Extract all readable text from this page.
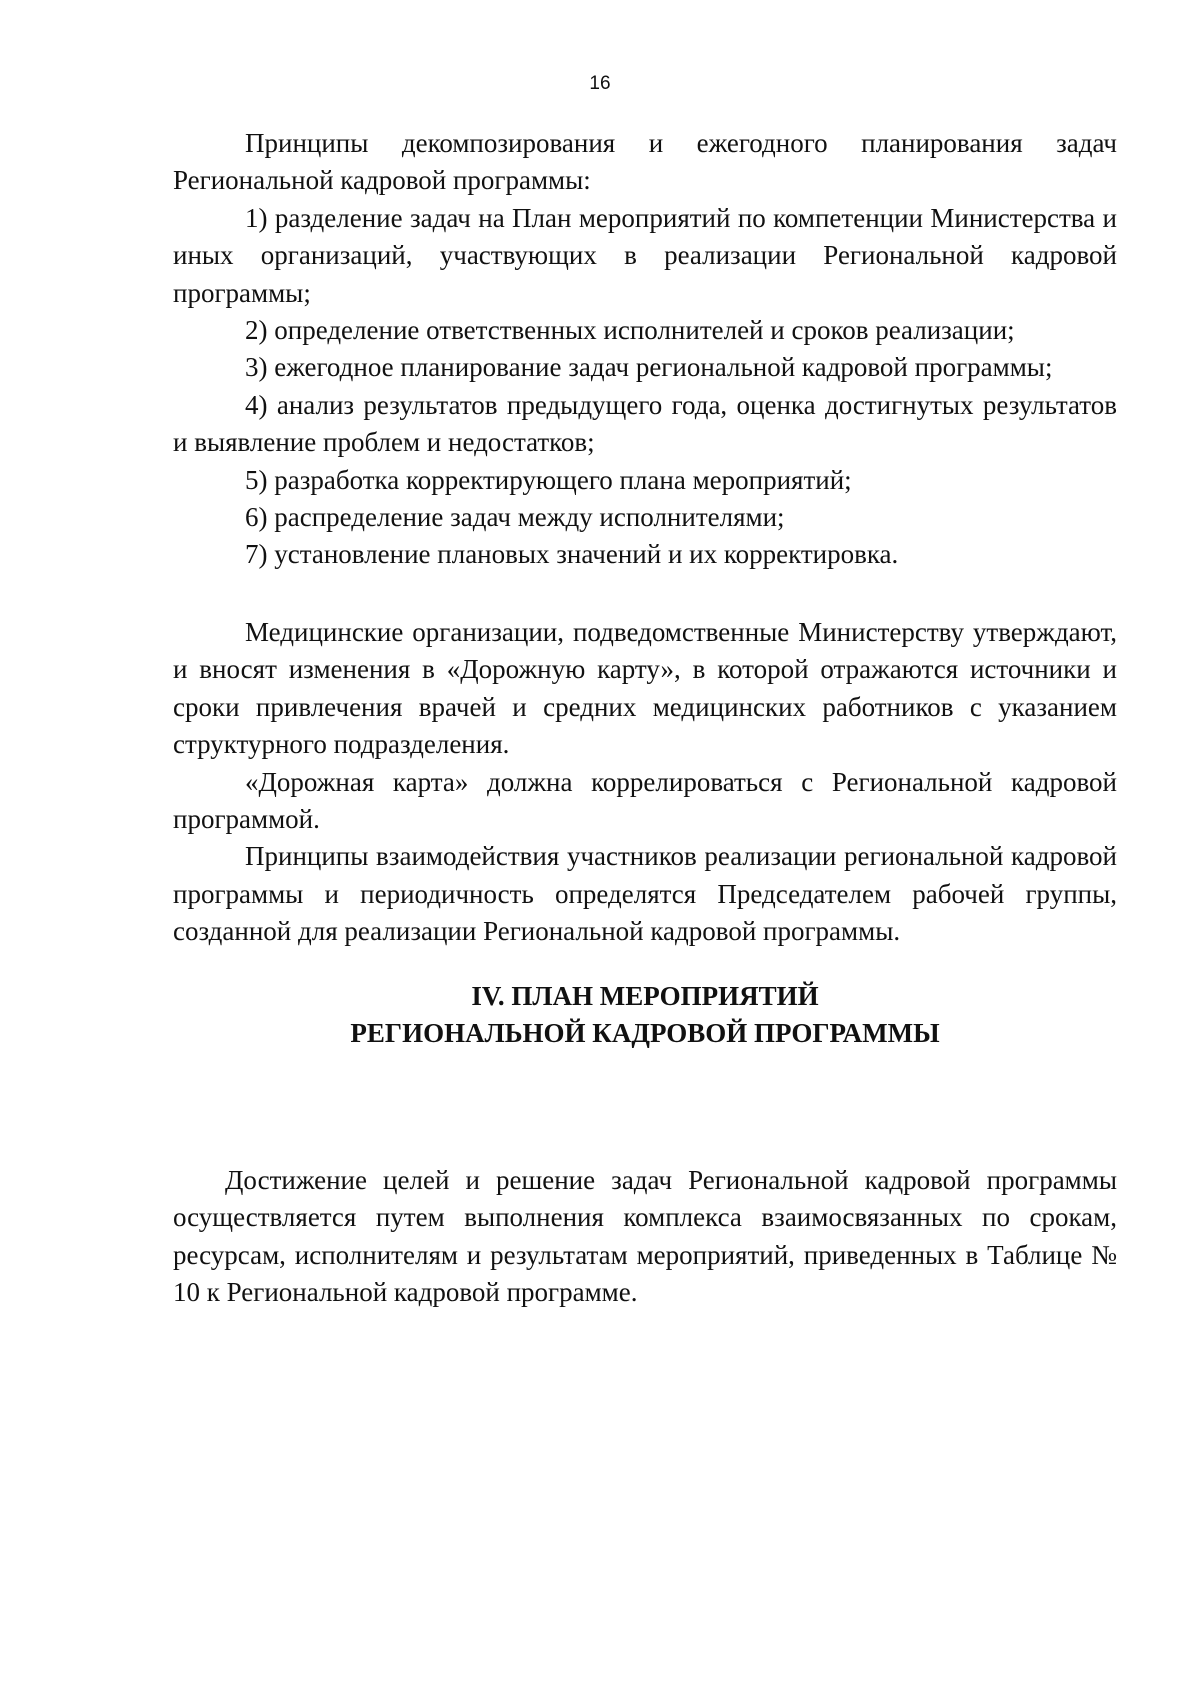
16

Принципы декомпозирования и ежегодного планирования задач Региональной кадровой программы:

1) разделение задач на План мероприятий по компетенции Министерства и иных организаций, участвующих в реализации Региональной кадровой программы;

2) определение ответственных исполнителей и сроков реализации;

3) ежегодное планирование задач региональной кадровой программы;

4) анализ результатов предыдущего года, оценка достигнутых результатов и выявление проблем и недостатков;

5) разработка корректирующего плана мероприятий;

6) распределение задач между исполнителями;

7) установление плановых значений и их корректировка.

Медицинские организации, подведомственные Министерству утверждают, и вносят изменения в «Дорожную карту», в которой отражаются источники и сроки привлечения врачей и средних медицинских работников с указанием структурного подразделения.

«Дорожная карта» должна коррелироваться с Региональной кадровой программой.

Принципы взаимодействия участников реализации региональной кадровой программы и периодичность определятся Председателем рабочей группы, созданной для реализации Региональной кадровой программы.

IV. ПЛАН МЕРОПРИЯТИЙ
РЕГИОНАЛЬНОЙ КАДРОВОЙ ПРОГРАММЫ

Достижение целей и решение задач Региональной кадровой программы осуществляется путем выполнения комплекса взаимосвязанных по срокам, ресурсам, исполнителям и результатам мероприятий, приведенных в Таблице № 10 к Региональной кадровой программе.
